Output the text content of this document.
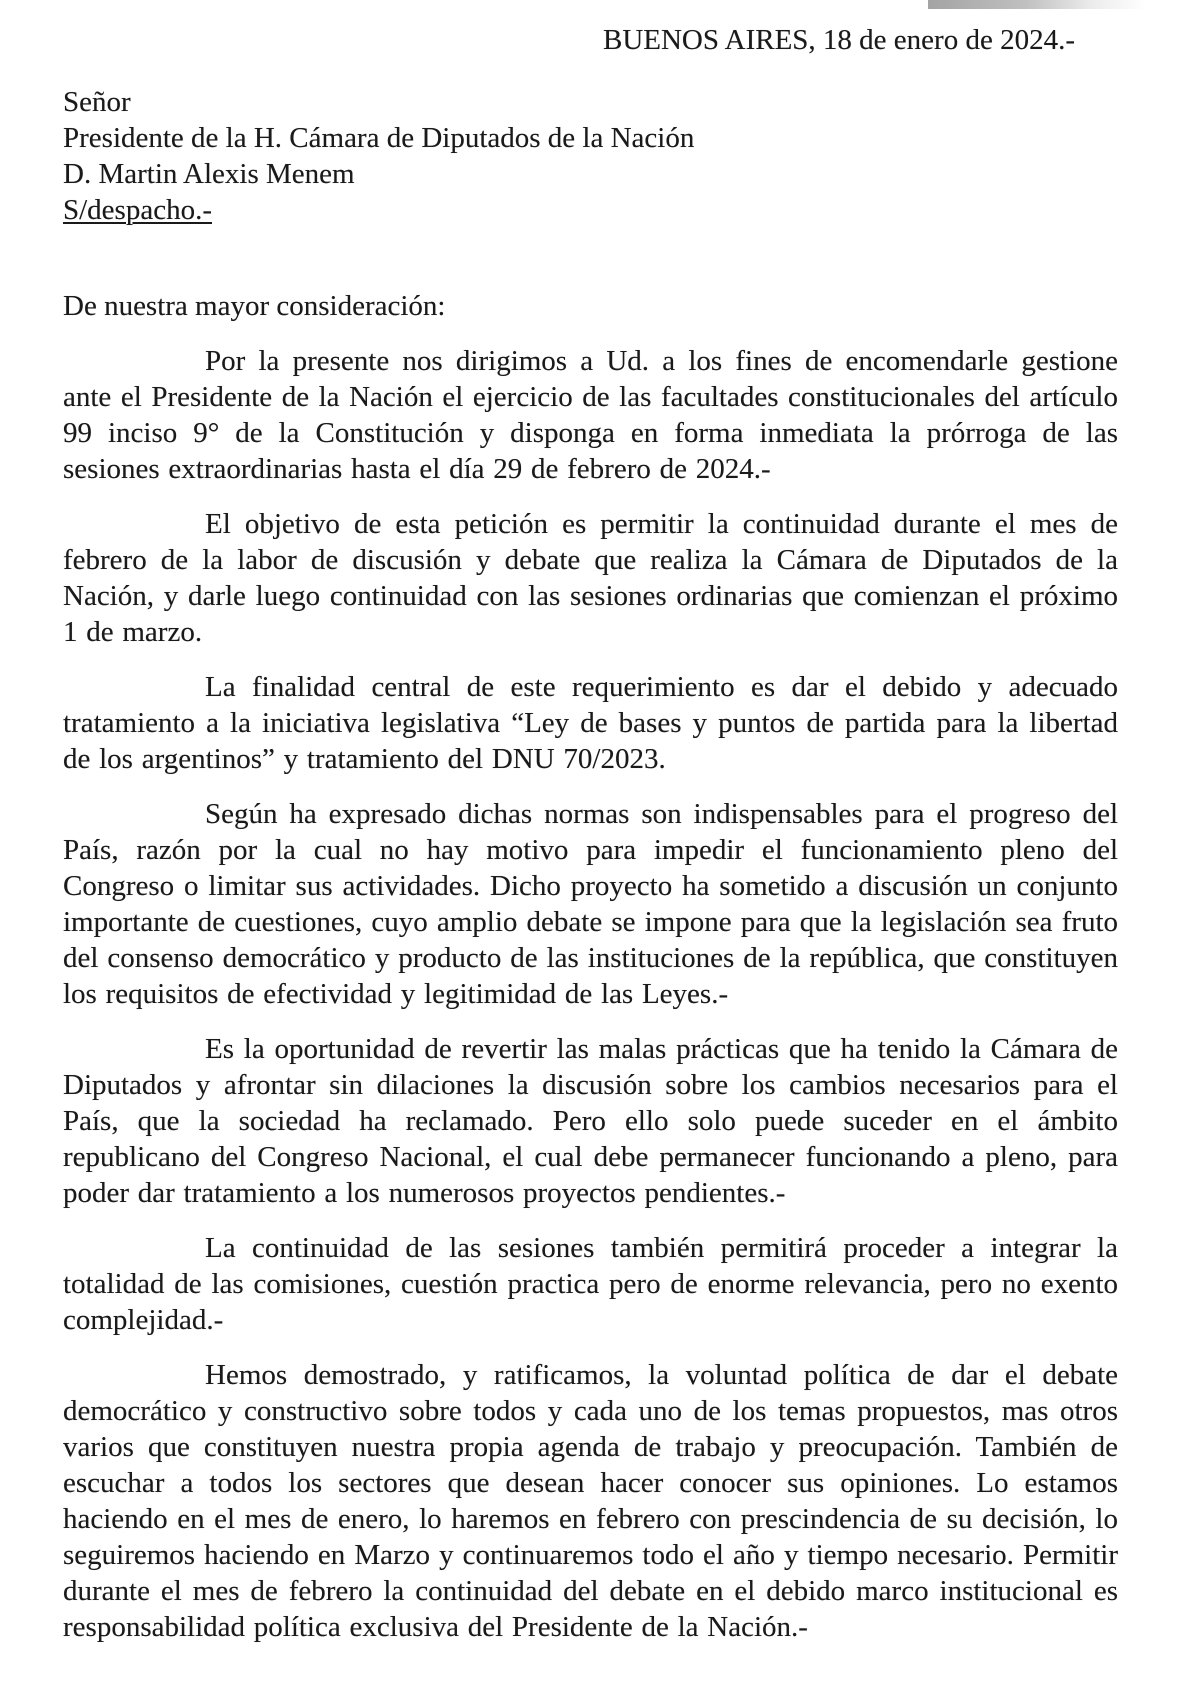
BUENOS AIRES, 18 de enero de 2024.-
Señor
Presidente de la H. Cámara de Diputados de la Nación
D. Martin Alexis Menem
S/despacho.-
De nuestra mayor consideración:

Por la presente nos dirigimos a Ud. a los fines de encomendarle gestione ante el Presidente de la Nación el ejercicio de las facultades constitucionales del artículo 99 inciso 9° de la Constitución y disponga en forma inmediata la prórroga de las sesiones extraordinarias hasta el día 29 de febrero de 2024.-

El objetivo de esta petición es permitir la continuidad durante el mes de febrero de la labor de discusión y debate que realiza la Cámara de Diputados de la Nación, y darle luego continuidad con las sesiones ordinarias que comienzan el próximo 1 de marzo.

La finalidad central de este requerimiento es dar el debido y adecuado tratamiento a la iniciativa legislativa “Ley de bases y puntos de partida para la libertad de los argentinos” y tratamiento del DNU 70/2023.

Según ha expresado dichas normas son indispensables para el progreso del País, razón por la cual no hay motivo para impedir el funcionamiento pleno del Congreso o limitar sus actividades. Dicho proyecto ha sometido a discusión un conjunto importante de cuestiones, cuyo amplio debate se impone para que la legislación sea fruto del consenso democrático y producto de las instituciones de la república, que constituyen los requisitos de efectividad y legitimidad de las Leyes.-

Es la oportunidad de revertir las malas prácticas que ha tenido la Cámara de Diputados y afrontar sin dilaciones la discusión sobre los cambios necesarios para el País, que la sociedad ha reclamado. Pero ello solo puede suceder en el ámbito republicano del Congreso Nacional, el cual debe permanecer funcionando a pleno, para poder dar tratamiento a los numerosos proyectos pendientes.-

La continuidad de las sesiones también permitirá proceder a integrar la totalidad de las comisiones, cuestión practica pero de enorme relevancia, pero no exento complejidad.-

Hemos demostrado, y ratificamos, la voluntad política de dar el debate democrático y constructivo sobre todos y cada uno de los temas propuestos, mas otros varios que constituyen nuestra propia agenda de trabajo y preocupación. También de escuchar a todos los sectores que desean hacer conocer sus opiniones. Lo estamos haciendo en el mes de enero, lo haremos en febrero con prescindencia de su decisión, lo seguiremos haciendo en Marzo y continuaremos todo el año y tiempo necesario. Permitir durante el mes de febrero la continuidad del debate en el debido marco institucional es responsabilidad política exclusiva del Presidente de la Nación.-
